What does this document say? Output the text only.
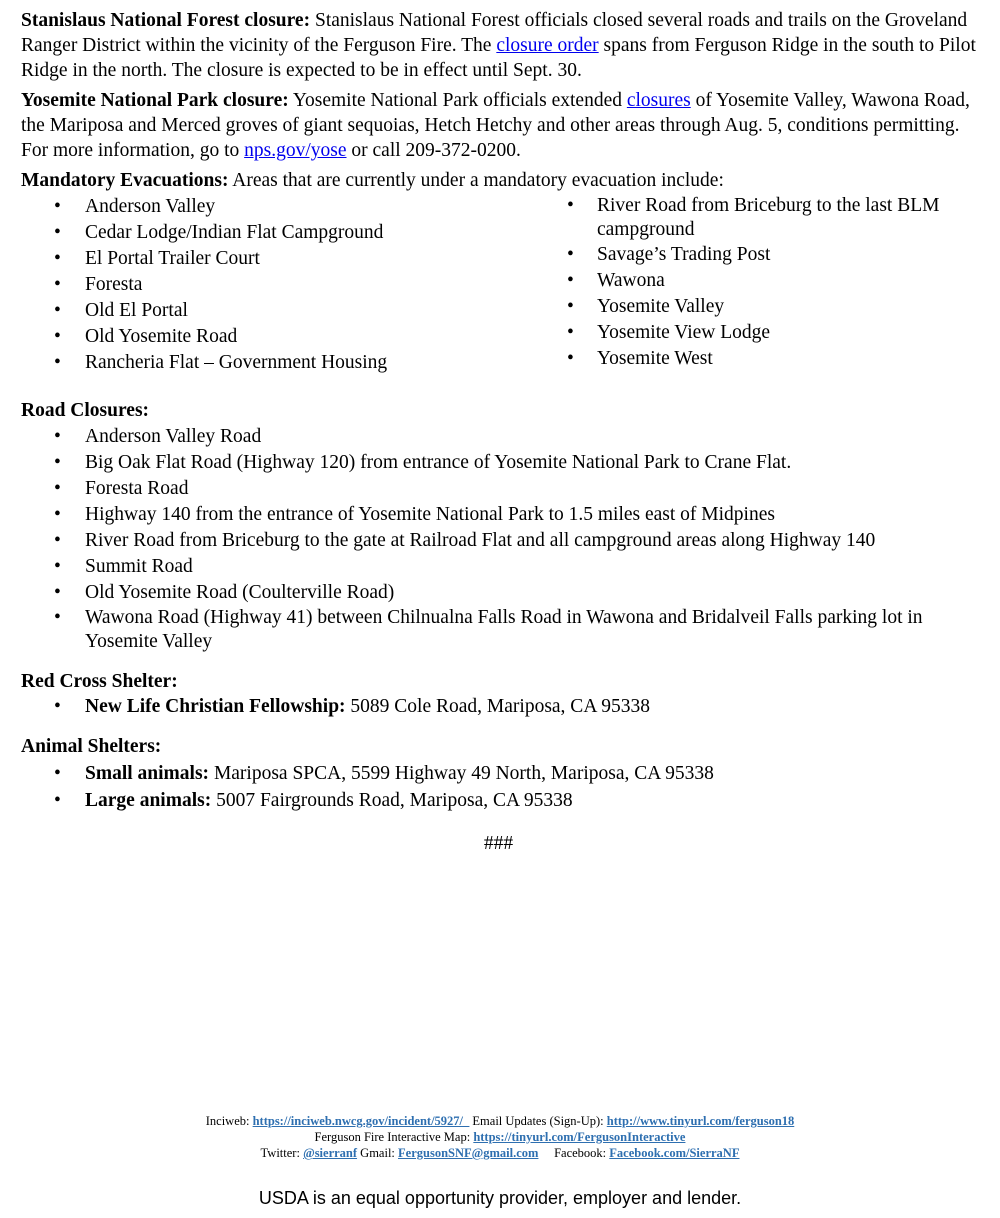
Stanislaus National Forest closure: Stanislaus National Forest officials closed several roads and trails on the Groveland Ranger District within the vicinity of the Ferguson Fire. The closure order spans from Ferguson Ridge in the south to Pilot Ridge in the north. The closure is expected to be in effect until Sept. 30.

Yosemite National Park closure: Yosemite National Park officials extended closures of Yosemite Valley, Wawona Road, the Mariposa and Merced groves of giant sequoias, Hetch Hetchy and other areas through Aug. 5, conditions permitting. For more information, go to nps.gov/yose or call 209-372-0200.

Mandatory Evacuations: Areas that are currently under a mandatory evacuation include:

• Anderson Valley
• Cedar Lodge/Indian Flat Campground
• El Portal Trailer Court
• Foresta
• Old El Portal
• Old Yosemite Road
• Rancheria Flat – Government Housing
• River Road from Briceburg to the last BLM campground
• Savage’s Trading Post
• Wawona
• Yosemite Valley
• Yosemite View Lodge
• Yosemite West
Road Closures:
• Anderson Valley Road
• Big Oak Flat Road (Highway 120) from entrance of Yosemite National Park to Crane Flat.
• Foresta Road
• Highway 140 from the entrance of Yosemite National Park to 1.5 miles east of Midpines
• River Road from Briceburg to the gate at Railroad Flat and all campground areas along Highway 140
• Summit Road
• Old Yosemite Road (Coulterville Road)
• Wawona Road (Highway 41) between Chilnualna Falls Road in Wawona and Bridalveil Falls parking lot in Yosemite Valley
Red Cross Shelter:
• New Life Christian Fellowship: 5089 Cole Road, Mariposa, CA 95338
Animal Shelters:
• Small animals: Mariposa SPCA, 5599 Highway 49 North, Mariposa, CA 95338
• Large animals: 5007 Fairgrounds Road, Mariposa, CA 95338
###
Inciweb: https://inciweb.nwcg.gov/incident/5927/_ Email Updates (Sign-Up): http://www.tinyurl.com/ferguson18
Ferguson Fire Interactive Map: https://tinyurl.com/FergusonInteractive
Twitter: @sierranf Gmail: FergusonSNF@gmail.com Facebook: Facebook.com/SierraNF
USDA is an equal opportunity provider, employer and lender.
